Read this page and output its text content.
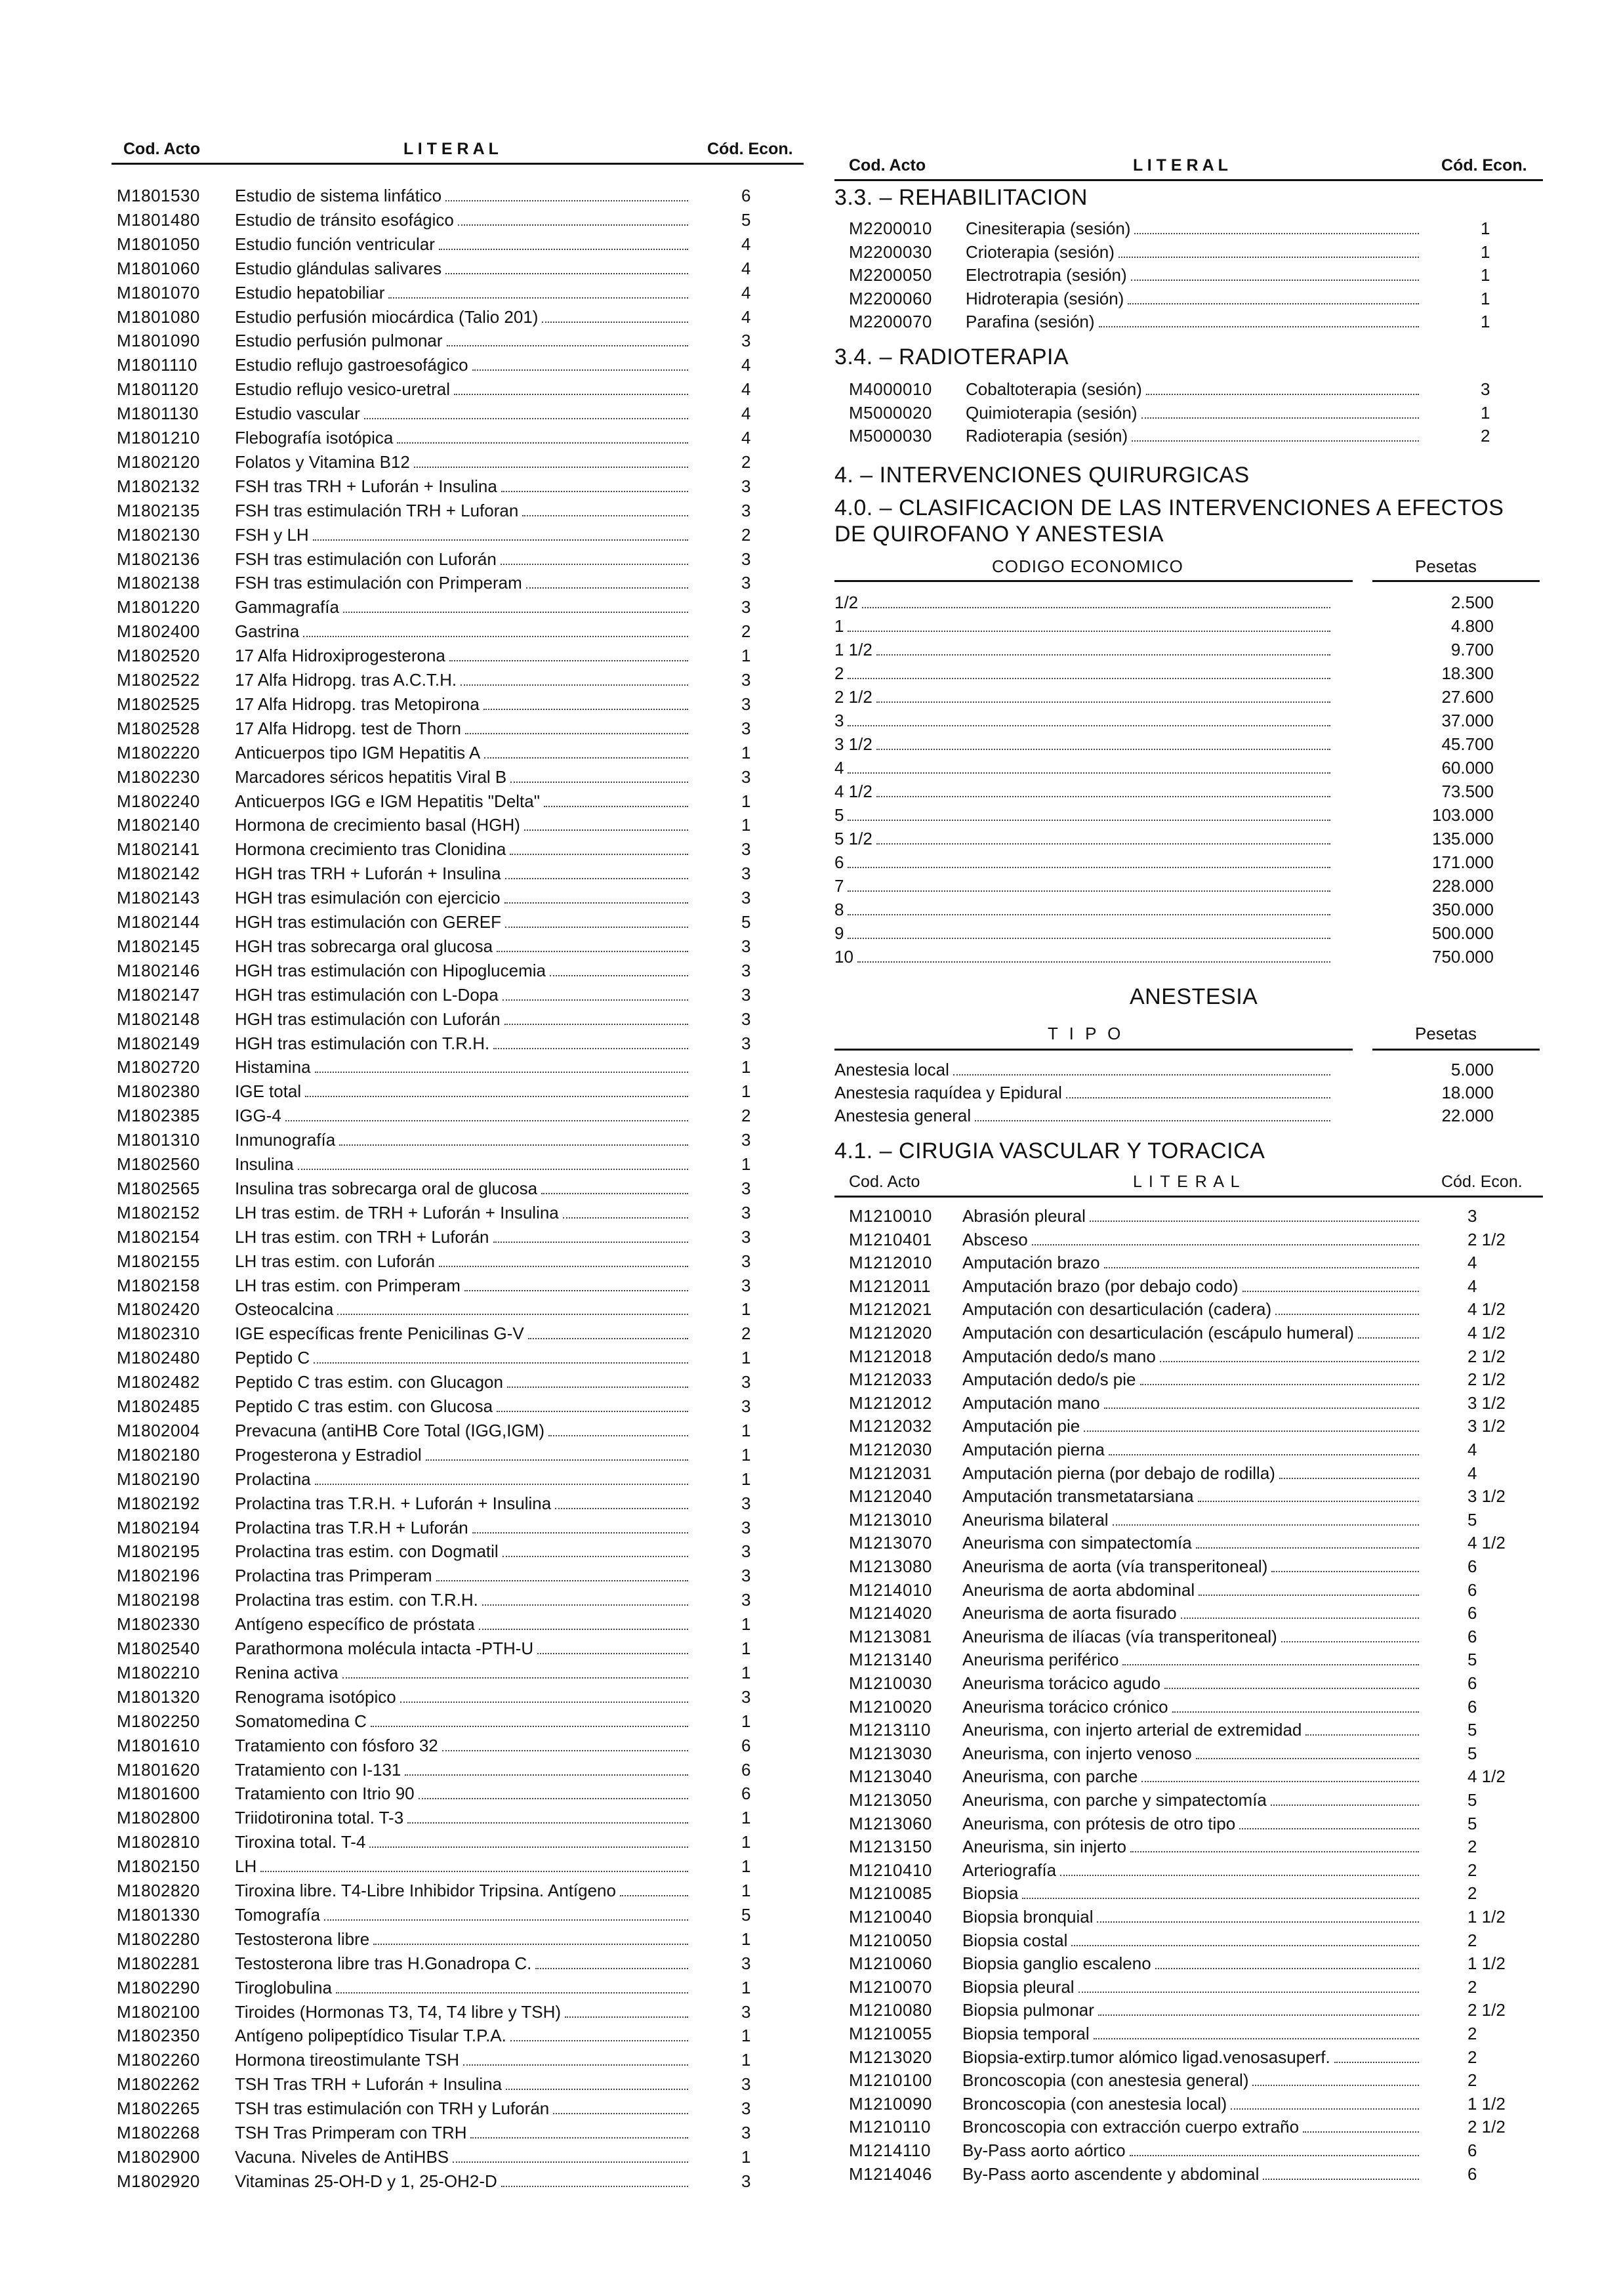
Cod. Acto	L I T E R A L	Cód. Econ.
M1801530 Estudio de sistema linfático	6
M1801480 Estudio de tránsito esofágico	5
M1801050 Estudio función ventricular	4
M1801060 Estudio glándulas salivares	4
M1801070 Estudio hepatobiliar	4
M1801080 Estudio perfusión miocárdica (Talio 201)	4
M1801090 Estudio perfusión pulmonar	3
M1801110 Estudio reflujo gastroesofágico	4
M1801120 Estudio reflujo vesico-uretral	4
M1801130 Estudio vascular	4
M1801210 Flebografía isotópica	4
M1802120 Folatos y Vitamina B12	2
M1802132 FSH tras TRH + Luforán + Insulina	3
M1802135 FSH tras estimulación TRH + Luforan	3
M1802130 FSH y LH	2
M1802136 FSH tras estimulación con Luforán	3
M1802138 FSH tras estimulación con Primperam	3
M1801220 Gammagrafía	3
M1802400 Gastrina	2
M1802520 17 Alfa Hidroxiprogesterona	1
M1802522 17 Alfa Hidropg. tras A.C.T.H.	3
M1802525 17 Alfa Hidropg. tras Metopirona	3
M1802528 17 Alfa Hidropg. test de Thorn	3
M1802220 Anticuerpos tipo IGM Hepatitis A	1
M1802230 Marcadores séricos hepatitis Viral B	3
M1802240 Anticuerpos IGG e IGM Hepatitis "Delta"	1
M1802140 Hormona de crecimiento basal (HGH)	1
M1802141 Hormona crecimiento tras Clonidina	3
M1802142 HGH tras TRH + Luforán + Insulina	3
M1802143 HGH tras esimulación con ejercicio	3
M1802144 HGH tras estimulación con GEREF	5
M1802145 HGH tras sobrecarga oral glucosa	3
M1802146 HGH tras estimulación con Hipoglucemia	3
M1802147 HGH tras estimulación con L-Dopa	3
M1802148 HGH tras estimulación con Luforán	3
M1802149 HGH tras estimulación con T.R.H.	3
M1802720 Histamina	1
M1802380 IGE total	1
M1802385 IGG-4	2
M1801310 Inmunografía	3
M1802560 Insulina	1
M1802565 Insulina tras sobrecarga oral de glucosa	3
M1802152 LH tras estim. de TRH + Luforán + Insulina	3
M1802154 LH tras estim. con TRH + Luforán	3
M1802155 LH tras estim. con Luforán	3
M1802158 LH tras estim. con Primperam	3
M1802420 Osteocalcina	1
M1802310 IGE específicas frente Penicilinas G-V	2
M1802480 Peptido C	1
M1802482 Peptido C tras estim. con Glucagon	3
M1802485 Peptido C tras estim. con Glucosa	3
M1802004 Prevacuna (antiHB Core Total (IGG,IGM)	1
M1802180 Progesterona y Estradiol	1
M1802190 Prolactina	1
M1802192 Prolactina tras T.R.H. + Luforán + Insulina	3
M1802194 Prolactina tras T.R.H + Luforán	3
M1802195 Prolactina tras estim. con Dogmatil	3
M1802196 Prolactina tras Primperam	3
M1802198 Prolactina tras estim. con T.R.H.	3
M1802330 Antígeno específico de próstata	1
M1802540 Parathormona molécula intacta -PTH-U	1
M1802210 Renina activa	1
M1801320 Renograma isotópico	3
M1802250 Somatomedina C	1
M1801610 Tratamiento con fósforo 32	6
M1801620 Tratamiento con I-131	6
M1801600 Tratamiento con Itrio 90	6
M1802800 Triidotironina total. T-3	1
M1802810 Tiroxina total. T-4	1
M1802150 LH	1
M1802820 Tiroxina libre. T4-Libre Inhibidor Tripsina. Antígeno	1
M1801330 Tomografía	5
M1802280 Testosterona libre	1
M1802281 Testosterona libre tras H.Gonadropa C.	3
M1802290 Tiroglobulina	1
M1802100 Tiroides (Hormonas T3, T4, T4 libre y TSH)	3
M1802350 Antígeno polipeptídico Tisular T.P.A.	1
M1802260 Hormona tireostimulante TSH	1
M1802262 TSH Tras TRH + Luforán + Insulina	3
M1802265 TSH tras estimulación con TRH y Luforán	3
M1802268 TSH Tras Primperam con TRH	3
M1802900 Vacuna. Niveles de AntiHBS	1
M1802920 Vitaminas 25-OH-D y 1, 25-OH2-D	3
Cod. Acto	L I T E R A L	Cód. Econ.
3.3. – REHABILITACION
M2200010 Cinesiterapia (sesión)	1
M2200030 Crioterapia (sesión)	1
M2200050 Electrotrapia (sesión)	1
M2200060 Hidroterapia (sesión)	1
M2200070 Parafina (sesión)	1
3.4. – RADIOTERAPIA
M4000010 Cobaltoterapia (sesión)	3
M5000020 Quimioterapia (sesión)	1
M5000030 Radioterapia (sesión)	2
4. – INTERVENCIONES QUIRURGICAS
4.0. – CLASIFICACION DE LAS INTERVENCIONES A EFECTOS
DE QUIROFANO Y ANESTESIA
CODIGO ECONOMICO	Pesetas
1/2	2.500
1	4.800
1 1/2	9.700
2	18.300
2 1/2	27.600
3	37.000
3 1/2	45.700
4	60.000
4 1/2	73.500
5	103.000
5 1/2	135.000
6	171.000
7	228.000
8	350.000
9	500.000
10	750.000
ANESTESIA
T I P O	Pesetas
Anestesia local	5.000
Anestesia raquídea y Epidural	18.000
Anestesia general	22.000
4.1. – CIRUGIA VASCULAR Y TORACICA
Cod. Acto	L I T E R A L	Cód. Econ.
M1210010 Abrasión pleural	3
M1210401 Absceso	2 1/2
M1212010 Amputación brazo	4
M1212011 Amputación brazo (por debajo codo)	4
M1212021 Amputación con desarticulación (cadera)	4 1/2
M1212020 Amputación con desarticulación (escápulo humeral)	4 1/2
M1212018 Amputación dedo/s mano	2 1/2
M1212033 Amputación dedo/s pie	2 1/2
M1212012 Amputación mano	3 1/2
M1212032 Amputación pie	3 1/2
M1212030 Amputación pierna	4
M1212031 Amputación pierna (por debajo de rodilla)	4
M1212040 Amputación transmetatarsiana	3 1/2
M1213010 Aneurisma bilateral	5
M1213070 Aneurisma con simpatectomía	4 1/2
M1213080 Aneurisma de aorta (vía transperitoneal)	6
M1214010 Aneurisma de aorta abdominal	6
M1214020 Aneurisma de aorta fisurado	6
M1213081 Aneurisma de ilíacas (vía transperitoneal)	6
M1213140 Aneurisma periférico	5
M1210030 Aneurisma torácico agudo	6
M1210020 Aneurisma torácico crónico	6
M1213110 Aneurisma, con injerto arterial de extremidad	5
M1213030 Aneurisma, con injerto venoso	5
M1213040 Aneurisma, con parche	4 1/2
M1213050 Aneurisma, con parche y simpatectomía	5
M1213060 Aneurisma, con prótesis de otro tipo	5
M1213150 Aneurisma, sin injerto	2
M1210410 Arteriografía	2
M1210085 Biopsia	2
M1210040 Biopsia bronquial	1 1/2
M1210050 Biopsia costal	2
M1210060 Biopsia ganglio escaleno	1 1/2
M1210070 Biopsia pleural	2
M1210080 Biopsia pulmonar	2 1/2
M1210055 Biopsia temporal	2
M1213020 Biopsia-extirp.tumor alómico ligad.venosasuperf.	2
M1210100 Broncoscopia (con anestesia general)	2
M1210090 Broncoscopia (con anestesia local)	1 1/2
M1210110 Broncoscopia con extracción cuerpo extraño	2 1/2
M1214110 By-Pass aorto aórtico	6
M1214046 By-Pass aorto ascendente y abdominal	6
